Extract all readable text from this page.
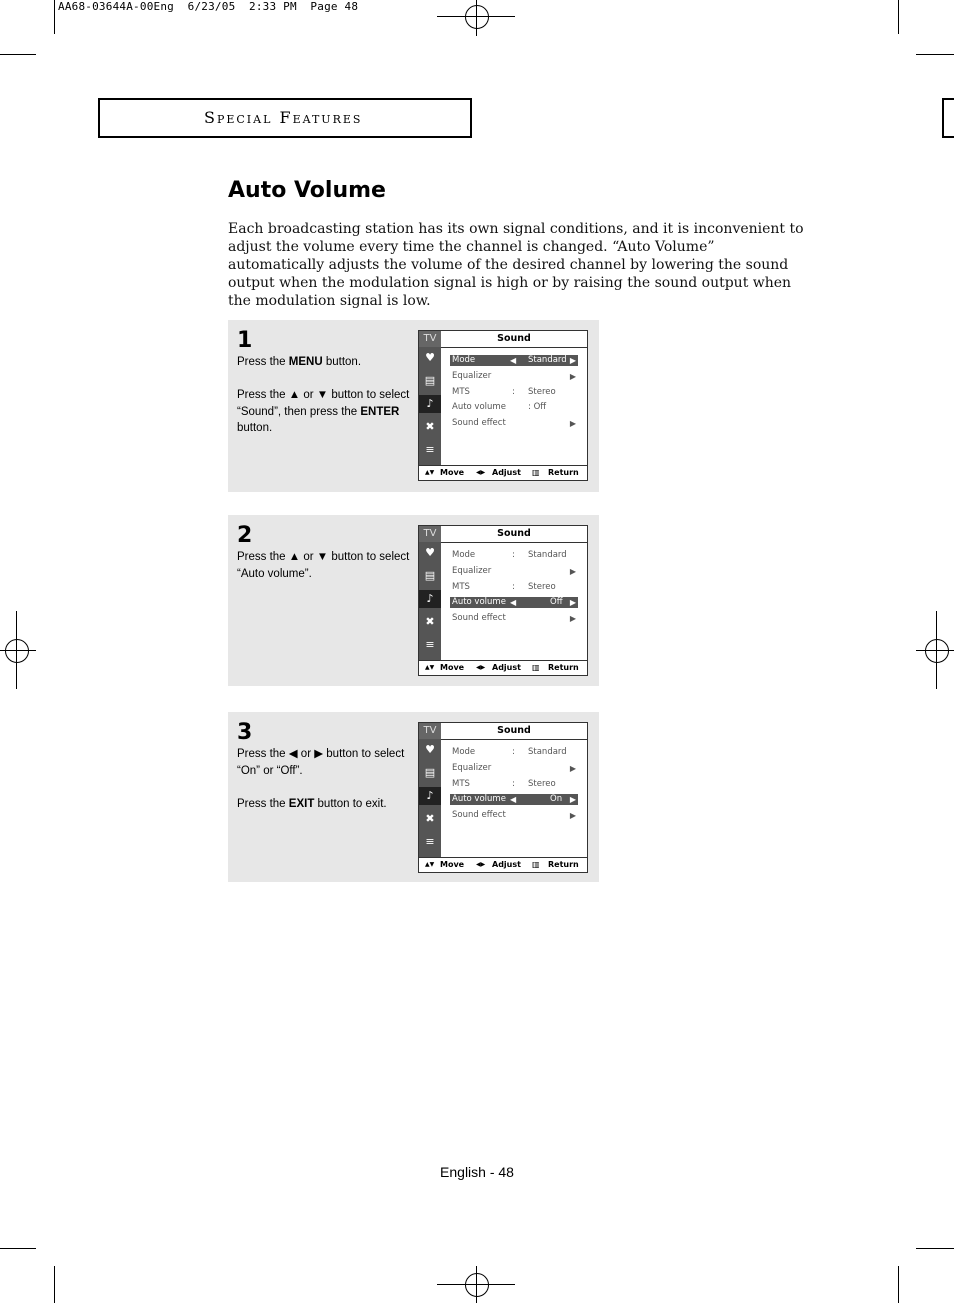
AA68-03644A-00Eng  6/23/05  2:33 PM  Page 48
Special Features
Auto Volume
Each broadcasting station has its own signal conditions, and it is inconvenient to adjust the volume every time the channel is changed. “Auto Volume” automatically adjusts the volume of the desired channel by lowering the sound output when the modulation signal is high or by raising the sound output when the modulation signal is low.
1

Press the MENU button.

Press the ▲ or ▼ button to select “Sound”, then press the ENTER button.

TV
♥
▤
♪
✖
≡
Sound
Mode	◀ Standard ▶
Equalizer	▶
MTS	: Stereo
Auto volume	: Off
Sound effect	▶
▲▼ Move ◀▶ Adjust ▥ Return
2

Press the ▲ or ▼ button to select “Auto volume”.

TV
♥
▤
♪
✖
≡
Sound
Mode	: Standard
Equalizer	▶
MTS	: Stereo
Auto volume ◀	Off ▶
Sound effect	▶
▲▼ Move ◀▶ Adjust ▥ Return
3

Press the ◀ or ▶ button to select “On” or “Off”.

Press the EXIT button to exit.

TV
♥
▤
♪
✖
≡
Sound
Mode	: Standard
Equalizer	▶
MTS	: Stereo
Auto volume ◀	On ▶
Sound effect	▶
▲▼ Move ◀▶ Adjust ▥ Return
English - 48
